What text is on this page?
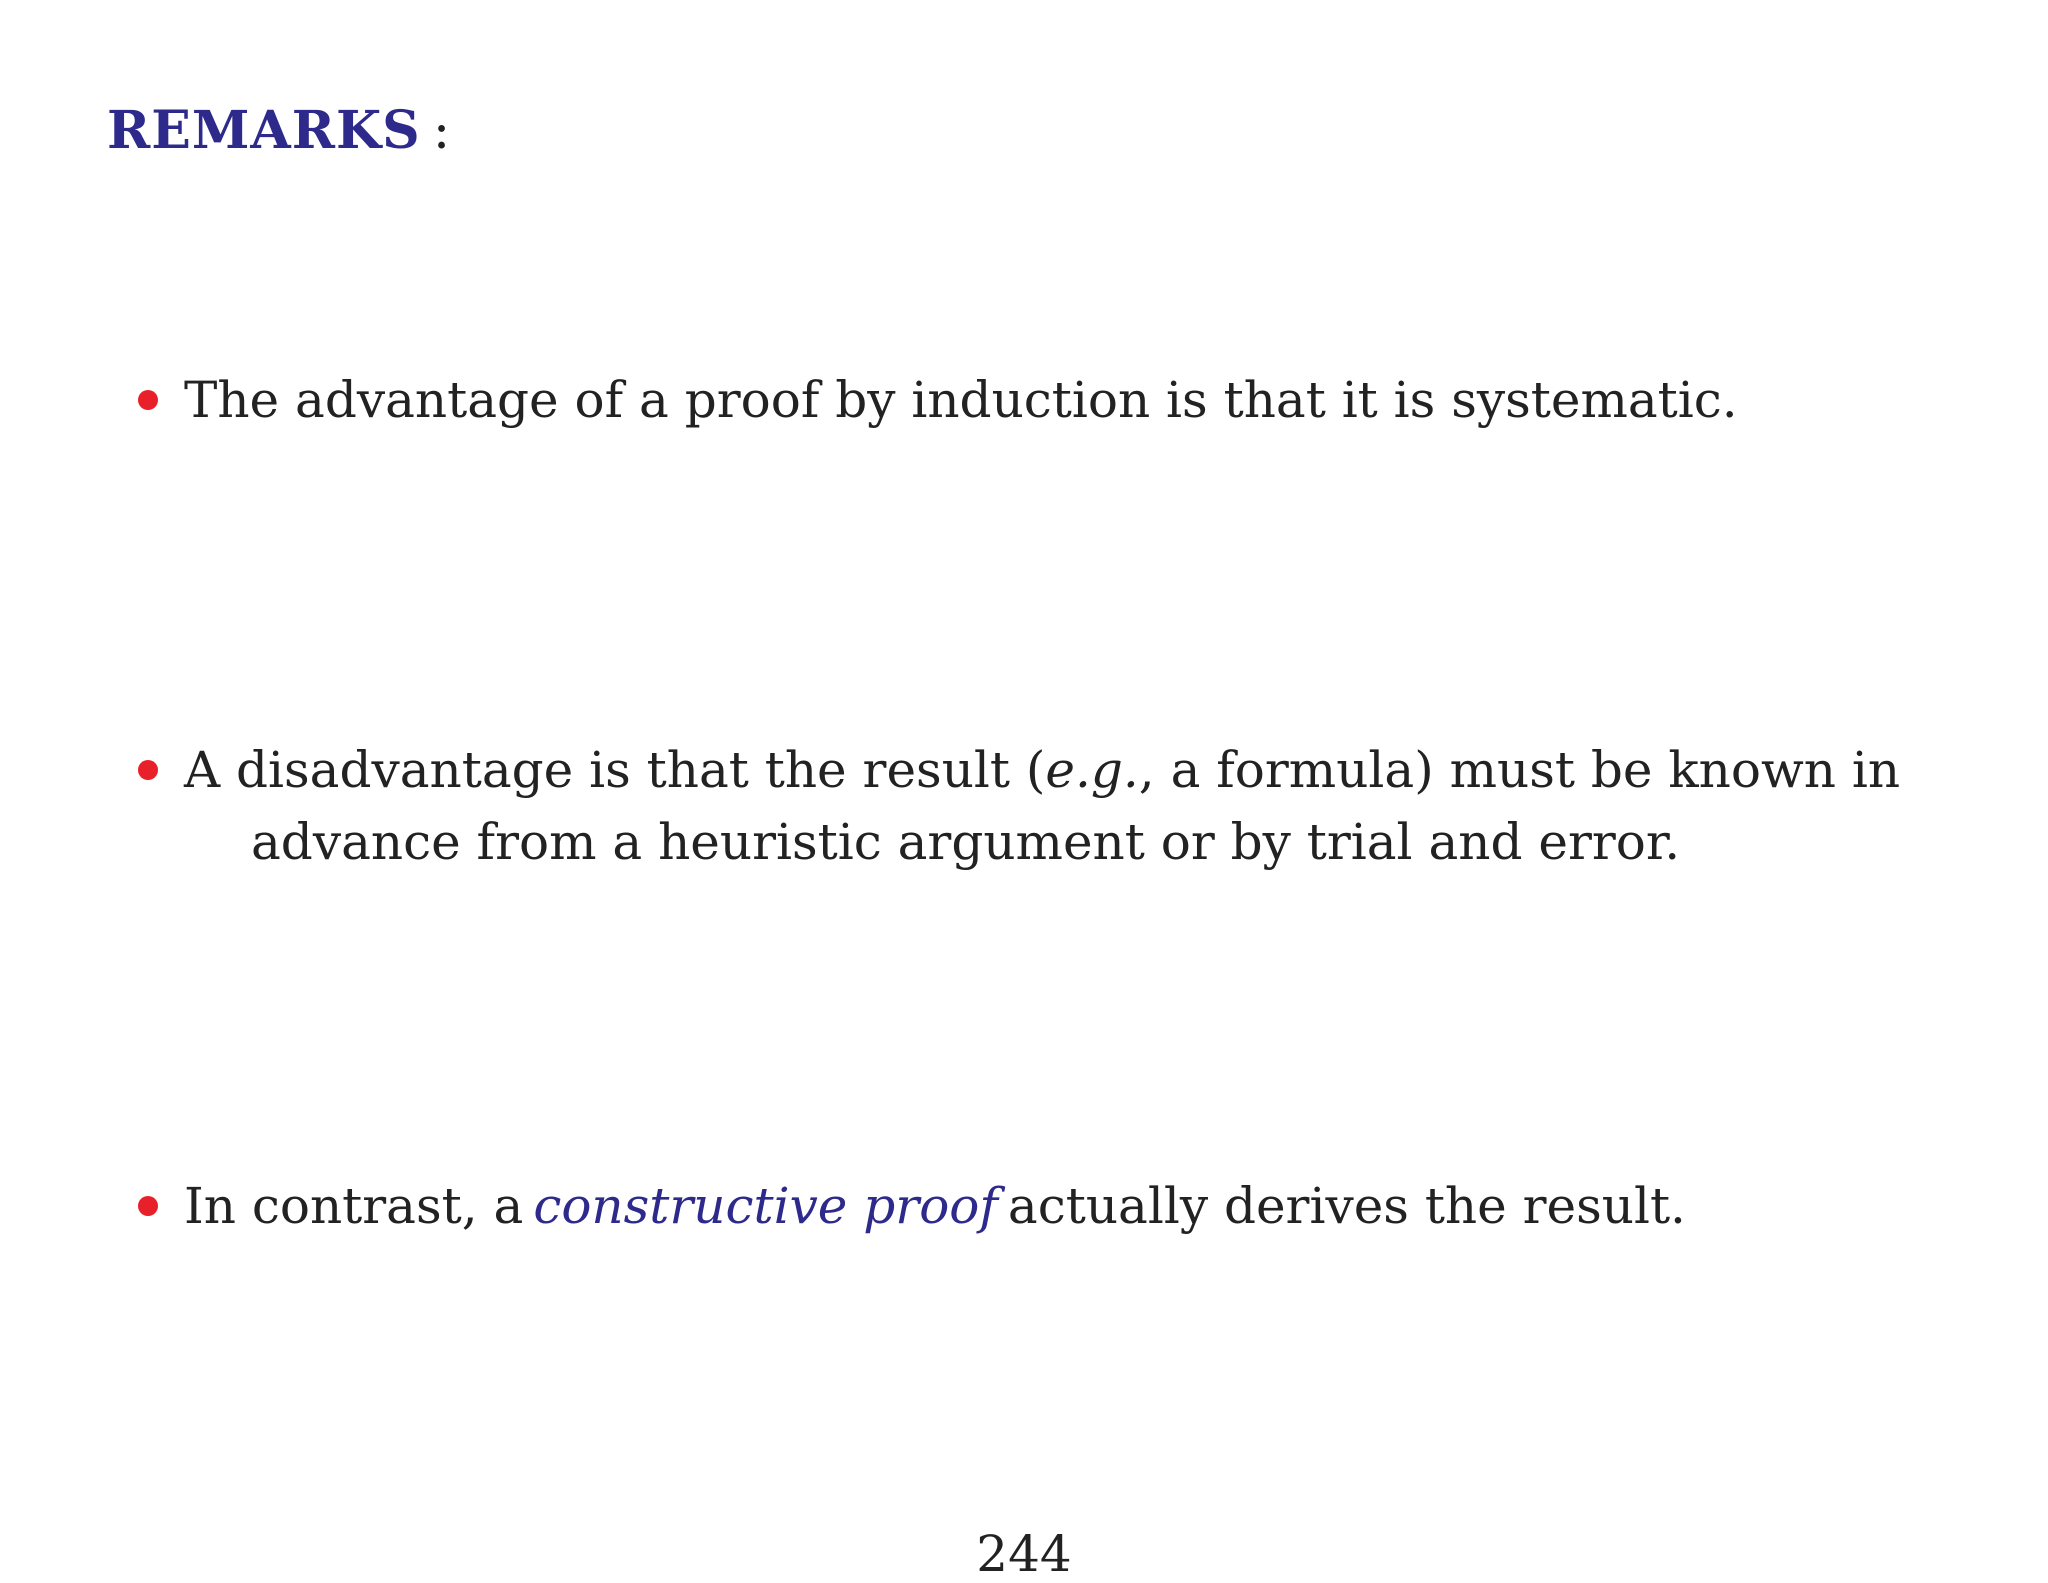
REMARKS :
The advantage of a proof by induction is that it is systematic.
A disadvantage is that the result (e.g., a formula) must be known in
advance from a heuristic argument or by trial and error.
In contrast, a constructive proof actually derives the result.
244
